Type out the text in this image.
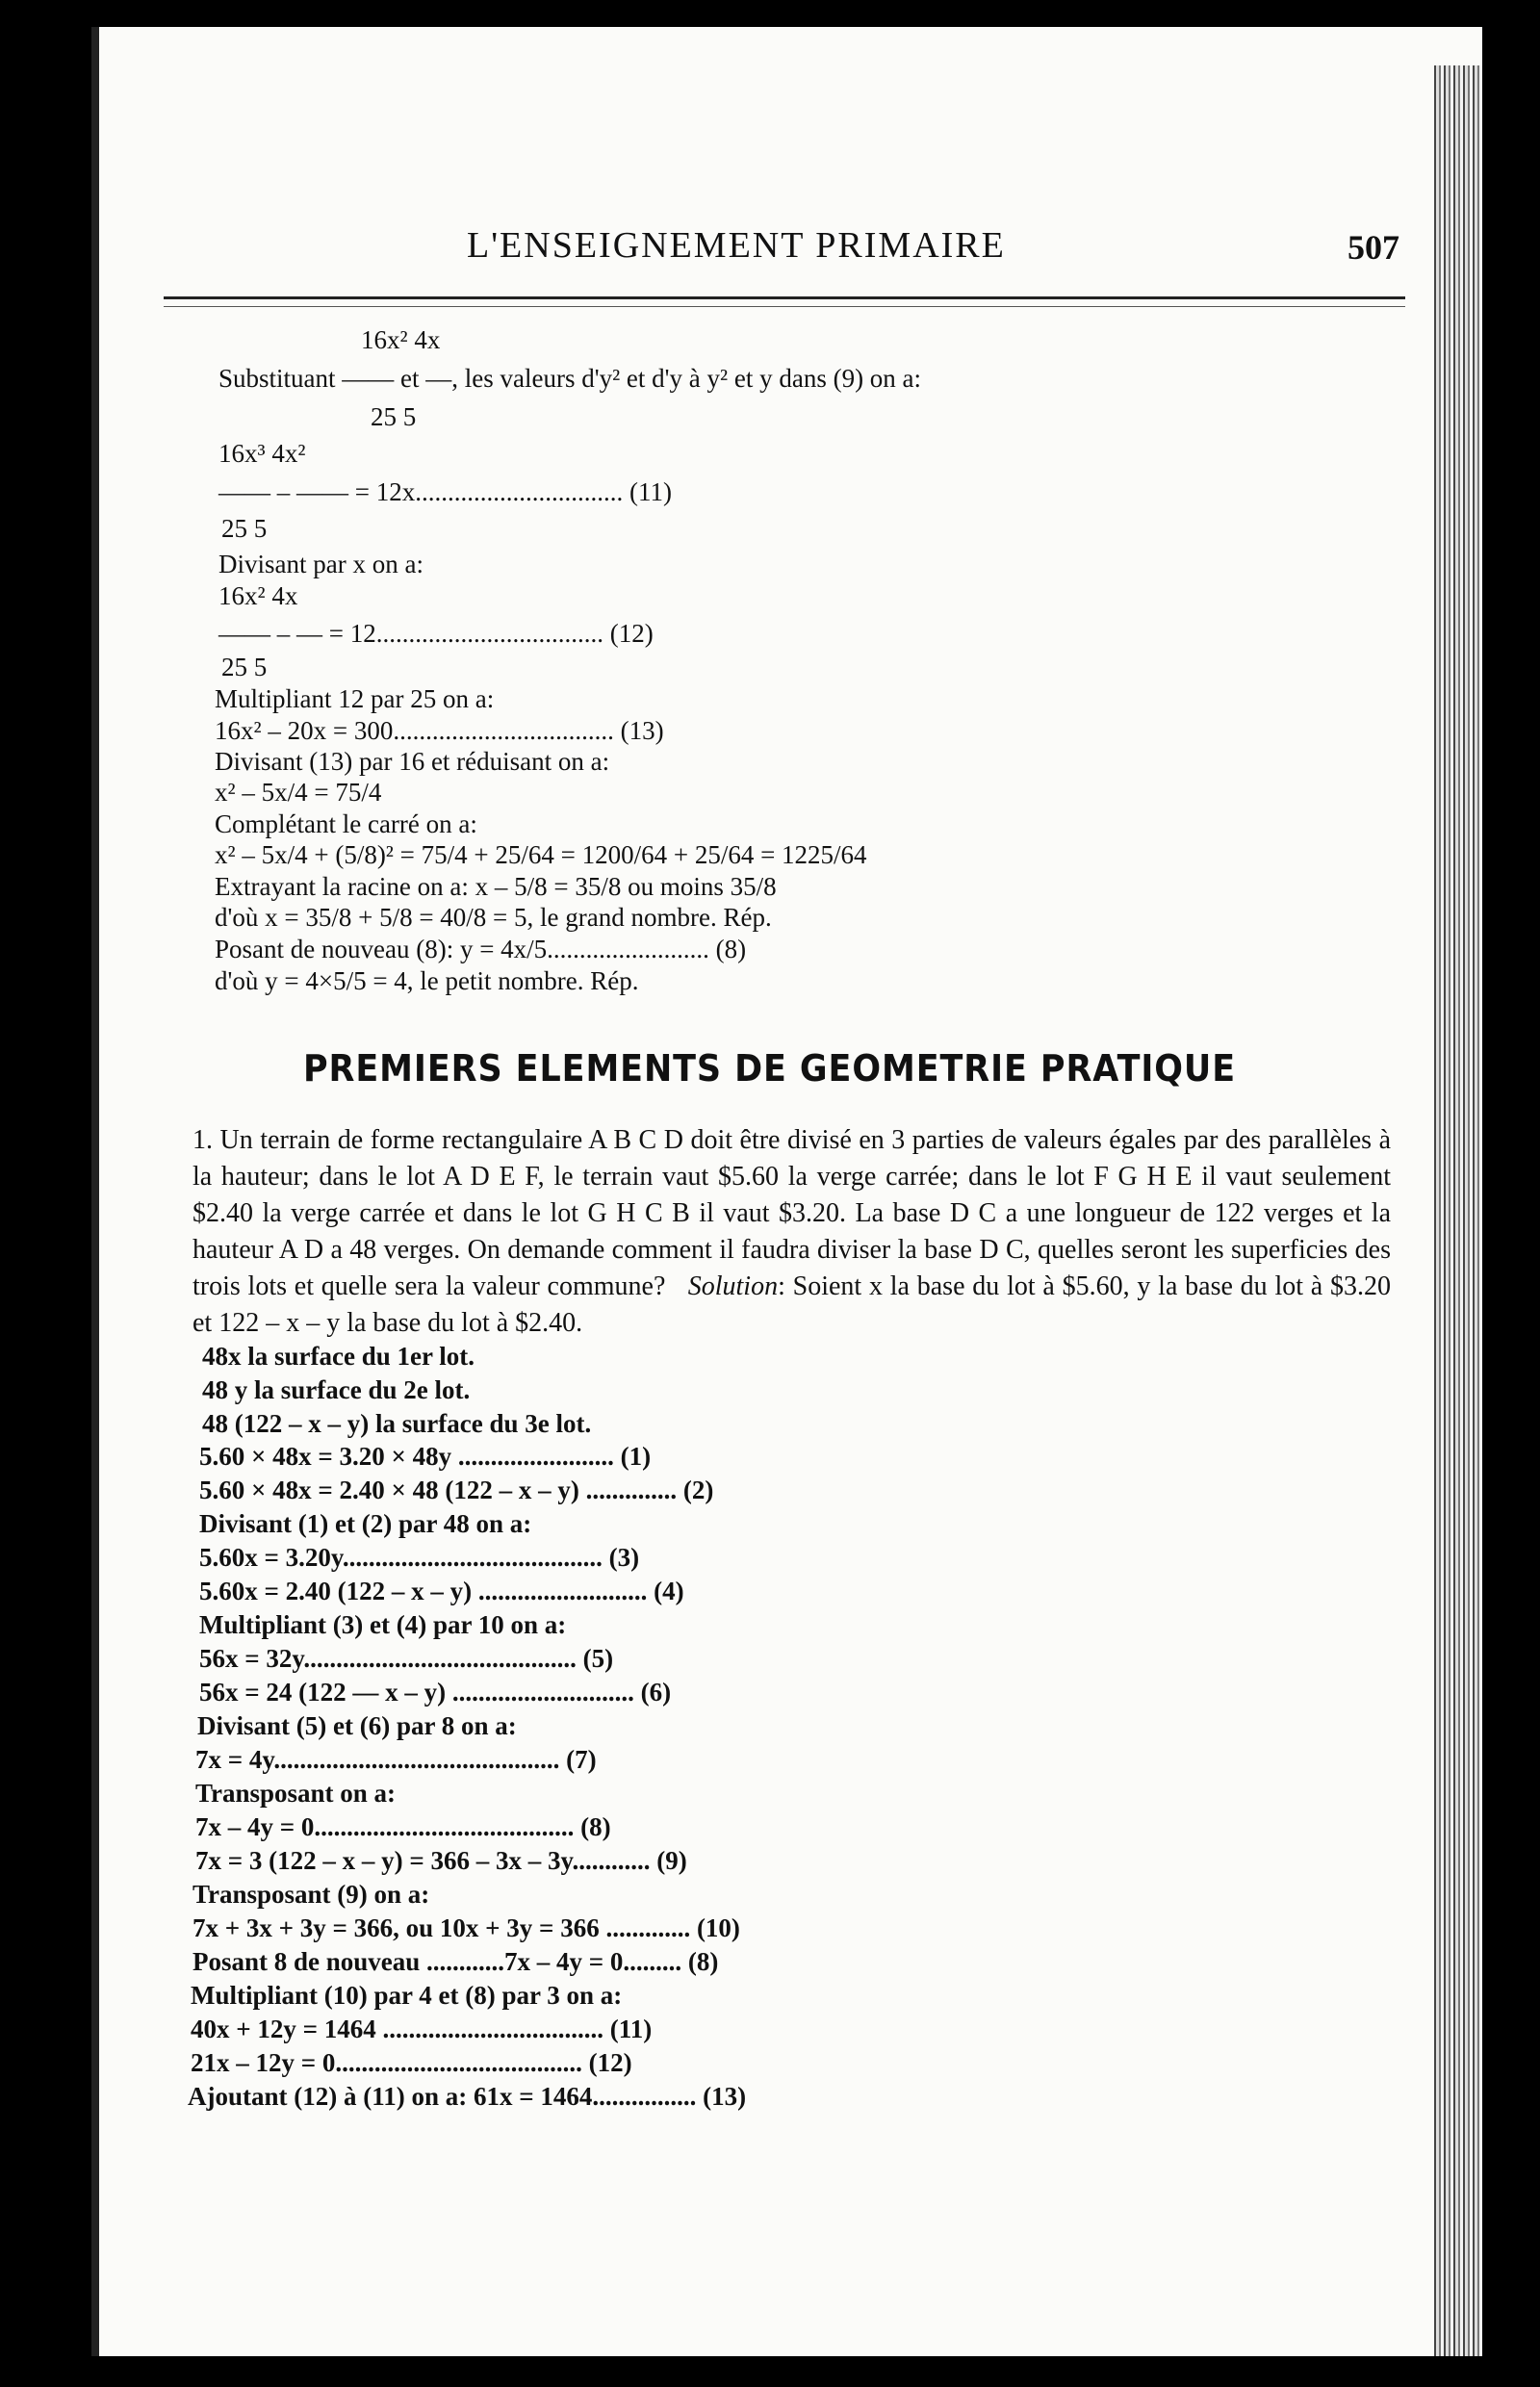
L'ENSEIGNEMENT PRIMAIRE	507
16x² 4x
Substituant —— et —, les valeurs d'y² et d'y à y² et y dans (9) on a:
25 5
16x³ 4x²
—— – —— = 12x................................ (11)
25 5
Divisant par x on a:
16x² 4x
—— – — = 12................................... (12)
25 5
Multipliant 12 par 25 on a:
16x² – 20x = 300.................................. (13)
Divisant (13) par 16 et réduisant on a:
x² – 5x/4 = 75/4
Complétant le carré on a:
x² – 5x/4 + (5/8)² = 75/4 + 25/64 = 1200/64 + 25/64 = 1225/64
Extrayant la racine on a: x – 5/8 = 35/8 ou moins 35/8
d'où x = 35/8 + 5/8 = 40/8 = 5, le grand nombre. Rép.
Posant de nouveau (8): y = 4x/5......................... (8)
d'où y = 4×5/5 = 4, le petit nombre. Rép.
PREMIERS ELEMENTS DE GEOMETRIE PRATIQUE
1. Un terrain de forme rectangulaire A B C D doit être divisé en 3 parties de valeurs égales par des parallèles à la hauteur; dans le lot A D E F, le terrain vaut $5.60 la verge carrée; dans le lot F G H E il vaut seulement $2.40 la verge carrée et dans le lot G H C B il vaut $3.20. La base D C a une longueur de 122 verges et la hauteur A D a 48 verges. On demande comment il faudra diviser la base D C, quelles seront les superficies des trois lots et quelle sera la valeur commune? Solution: Soient x la base du lot à $5.60, y la base du lot à $3.20 et 122 – x – y la base du lot à $2.40.
48x la surface du 1er lot.
48 y la surface du 2e lot.
48 (122 – x – y) la surface du 3e lot.
5.60 × 48x = 3.20 × 48y ........................ (1)
5.60 × 48x = 2.40 × 48 (122 – x – y) .............. (2)
Divisant (1) et (2) par 48 on a:
5.60x = 3.20y........................................ (3)
5.60x = 2.40 (122 – x – y) .......................... (4)
Multipliant (3) et (4) par 10 on a:
56x = 32y.......................................... (5)
56x = 24 (122 — x – y) ............................ (6)
Divisant (5) et (6) par 8 on a:
7x = 4y............................................ (7)
Transposant on a:
7x – 4y = 0........................................ (8)
7x = 3 (122 – x – y) = 366 – 3x – 3y............ (9)
Transposant (9) on a:
7x + 3x + 3y = 366, ou 10x + 3y = 366 ............. (10)
Posant 8 de nouveau ............7x – 4y = 0......... (8)
Multipliant (10) par 4 et (8) par 3 on a:
40x + 12y = 1464 .................................. (11)
21x – 12y = 0...................................... (12)
Ajoutant (12) à (11) on a: 61x = 1464................ (13)
